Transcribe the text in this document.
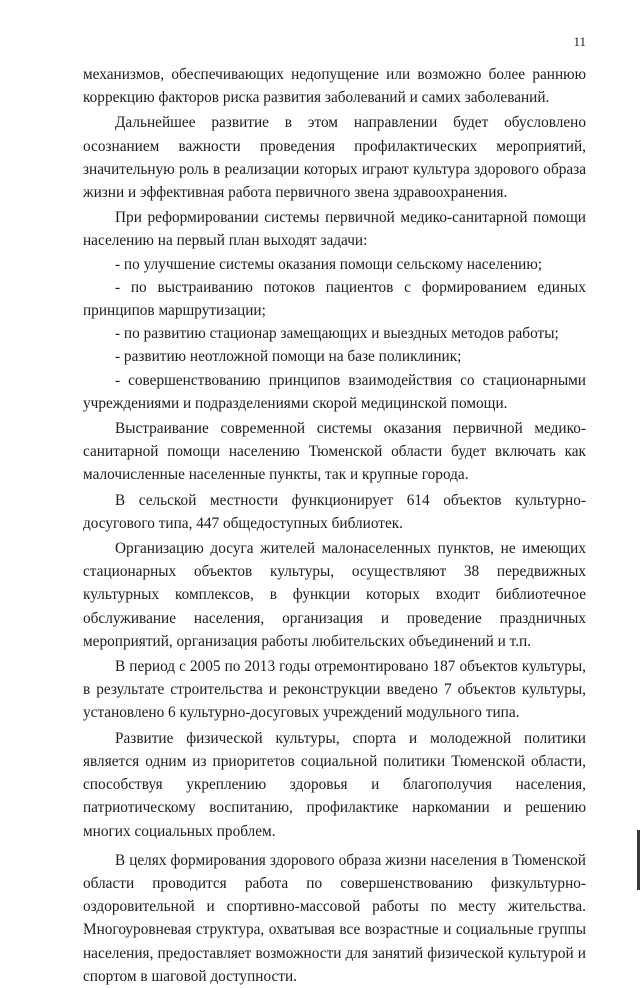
11

механизмов, обеспечивающих недопущение или возможно более раннюю коррекцию факторов риска развития заболеваний и самих заболеваний.

Дальнейшее развитие в этом направлении будет обусловлено осознанием важности проведения профилактических мероприятий, значительную роль в реализации которых играют культура здорового образа жизни и эффективная работа первичного звена здравоохранения.

При реформировании системы первичной медико-санитарной помощи населению на первый план выходят задачи:

- по улучшение системы оказания помощи сельскому населению;

- по выстраиванию потоков пациентов с формированием единых принципов маршрутизации;

- по развитию стационар замещающих и выездных методов работы;

- развитию неотложной помощи на базе поликлиник;

- совершенствованию принципов взаимодействия со стационарными учреждениями и подразделениями скорой медицинской помощи.

Выстраивание современной системы оказания первичной медико-санитарной помощи населению Тюменской области будет включать как малочисленные населенные пункты, так и крупные города.

В сельской местности функционирует 614 объектов культурно-досугового типа, 447 общедоступных библиотек.

Организацию досуга жителей малонаселенных пунктов, не имеющих стационарных объектов культуры, осуществляют 38 передвижных культурных комплексов, в функции которых входит библиотечное обслуживание населения, организация и проведение праздничных мероприятий, организация работы любительских объединений и т.п.

В период с 2005 по 2013 годы отремонтировано 187 объектов культуры, в результате строительства и реконструкции введено 7 объектов культуры, установлено 6 культурно-досуговых учреждений модульного типа.

Развитие физической культуры, спорта и молодежной политики является одним из приоритетов социальной политики Тюменской области, способствуя укреплению здоровья и благополучия населения, патриотическому воспитанию, профилактике наркомании и решению многих социальных проблем.

В целях формирования здорового образа жизни населения в Тюменской области проводится работа по совершенствованию физкультурно-оздоровительной и спортивно-массовой работы по месту жительства. Многоуровневая структура, охватывая все возрастные и социальные группы населения, предоставляет возможности для занятий физической культурой и спортом в шаговой доступности.
